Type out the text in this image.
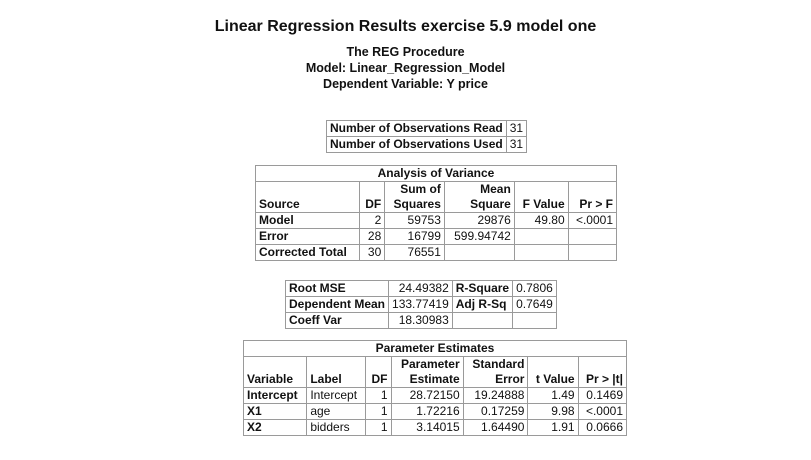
Linear Regression Results exercise 5.9 model one
The REG Procedure
Model: Linear_Regression_Model
Dependent Variable: Y price
Number of Observations Read	31
Number of Observations Used	31
Analysis of Variance					
Source	DF	Sum of	Mean	F Value	Pr > F
		Squares	Square		
Model	2	59753	29876	49.80	<.0001
Error	28	16799	599.94742		
Corrected Total	30	76551			
Root MSE	24.49382	R-Square	0.7806
Dependent Mean	133.77419	Adj R-Sq	0.7649
Coeff Var	18.30983		
Parameter Estimates						
Variable	Label	DF	Parameter	Standard	t Value	Pr > |t|
			Estimate	Error		
Intercept	Intercept	1	28.72150	19.24888	1.49	0.1469
X1	age	1	1.72216	0.17259	9.98	<.0001
X2	bidders	1	3.14015	1.64490	1.91	0.0666
